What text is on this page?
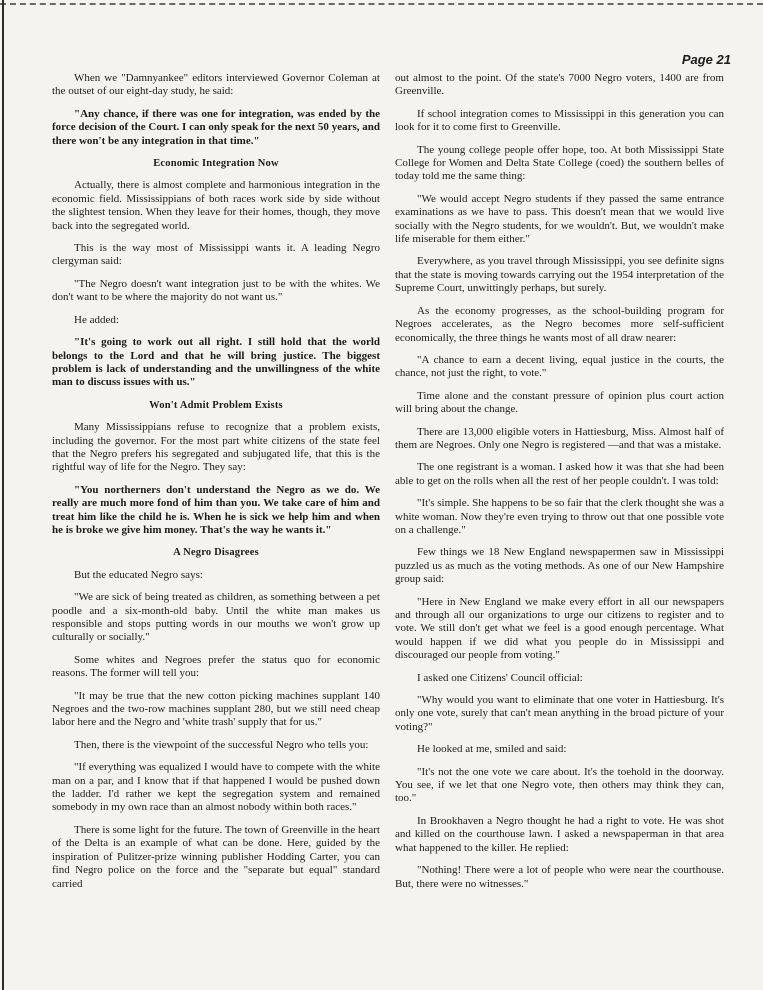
Page 21

When we "Damnyankee" editors interviewed Governor Coleman at the outset of our eight-day study, he said:

"Any chance, if there was one for integration, was ended by the force decision of the Court. I can only speak for the next 50 years, and there won't be any integration in that time."

Economic Integration Now

Actually, there is almost complete and harmonious integration in the economic field. Mississippians of both races work side by side without the slightest tension. When they leave for their homes, though, they move back into the segregated world.

This is the way most of Mississippi wants it. A leading Negro clergyman said:

"The Negro doesn't want integration just to be with the whites. We don't want to be where the majority do not want us."

He added:

"It's going to work out all right. I still hold that the world belongs to the Lord and that he will bring justice. The biggest problem is lack of understanding and the unwillingness of the white man to discuss issues with us."

Won't Admit Problem Exists

Many Mississippians refuse to recognize that a problem exists, including the governor. For the most part white citizens of the state feel that the Negro prefers his segregated and subjugated life, that this is the rightful way of life for the Negro. They say:

"You northerners don't understand the Negro as we do. We really are much more fond of him than you. We take care of him and treat him like the child he is. When he is sick we help him and when he is broke we give him money. That's the way he wants it."

A Negro Disagrees

But the educated Negro says:

"We are sick of being treated as children, as something between a pet poodle and a six-month-old baby. Until the white man makes us responsible and stops putting words in our mouths we won't grow up culturally or socially."

Some whites and Negroes prefer the status quo for economic reasons. The former will tell you:

"It may be true that the new cotton picking machines supplant 140 Negroes and the two-row machines supplant 280, but we still need cheap labor here and the Negro and 'white trash' supply that for us."

Then, there is the viewpoint of the successful Negro who tells you:

"If everything was equalized I would have to compete with the white man on a par, and I know that if that happened I would be pushed down the ladder. I'd rather we kept the segregation system and remained somebody in my own race than an almost nobody within both races."

There is some light for the future. The town of Greenville in the heart of the Delta is an example of what can be done. Here, guided by the inspiration of Pulitzer-prize winning publisher Hodding Carter, you can find Negro police on the force and the "separate but equal" standard carried

out almost to the point. Of the state's 7000 Negro voters, 1400 are from Greenville.

If school integration comes to Mississippi in this generation you can look for it to come first to Greenville.

The young college people offer hope, too. At both Mississippi State College for Women and Delta State College (coed) the southern belles of today told me the same thing:

"We would accept Negro students if they passed the same entrance examinations as we have to pass. This doesn't mean that we would live socially with the Negro students, for we wouldn't. But, we wouldn't make life miserable for them either."

Everywhere, as you travel through Mississippi, you see definite signs that the state is moving towards carrying out the 1954 interpretation of the Supreme Court, unwittingly perhaps, but surely.

As the economy progresses, as the school-building program for Negroes accelerates, as the Negro becomes more self-sufficient economically, the three things he wants most of all draw nearer:

"A chance to earn a decent living, equal justice in the courts, the chance, not just the right, to vote."

Time alone and the constant pressure of opinion plus court action will bring about the change.

There are 13,000 eligible voters in Hattiesburg, Miss. Almost half of them are Negroes. Only one Negro is registered —and that was a mistake.

The one registrant is a woman. I asked how it was that she had been able to get on the rolls when all the rest of her people couldn't. I was told:

"It's simple. She happens to be so fair that the clerk thought she was a white woman. Now they're even trying to throw out that one possible vote on a challenge."

Few things we 18 New England newspapermen saw in Mississippi puzzled us as much as the voting methods. As one of our New Hampshire group said:

"Here in New England we make every effort in all our newspapers and through all our organizations to urge our citizens to register and to vote. We still don't get what we feel is a good enough percentage. What would happen if we did what you people do in Mississippi and discouraged our people from voting."

I asked one Citizens' Council official:

"Why would you want to eliminate that one voter in Hattiesburg. It's only one vote, surely that can't mean anything in the broad picture of your voting?"

He looked at me, smiled and said:

"It's not the one vote we care about. It's the toehold in the doorway. You see, if we let that one Negro vote, then others may think they can, too."

In Brookhaven a Negro thought he had a right to vote. He was shot and killed on the courthouse lawn. I asked a newspaperman in that area what happened to the killer. He replied:

"Nothing! There were a lot of people who were near the courthouse. But, there were no witnesses."
